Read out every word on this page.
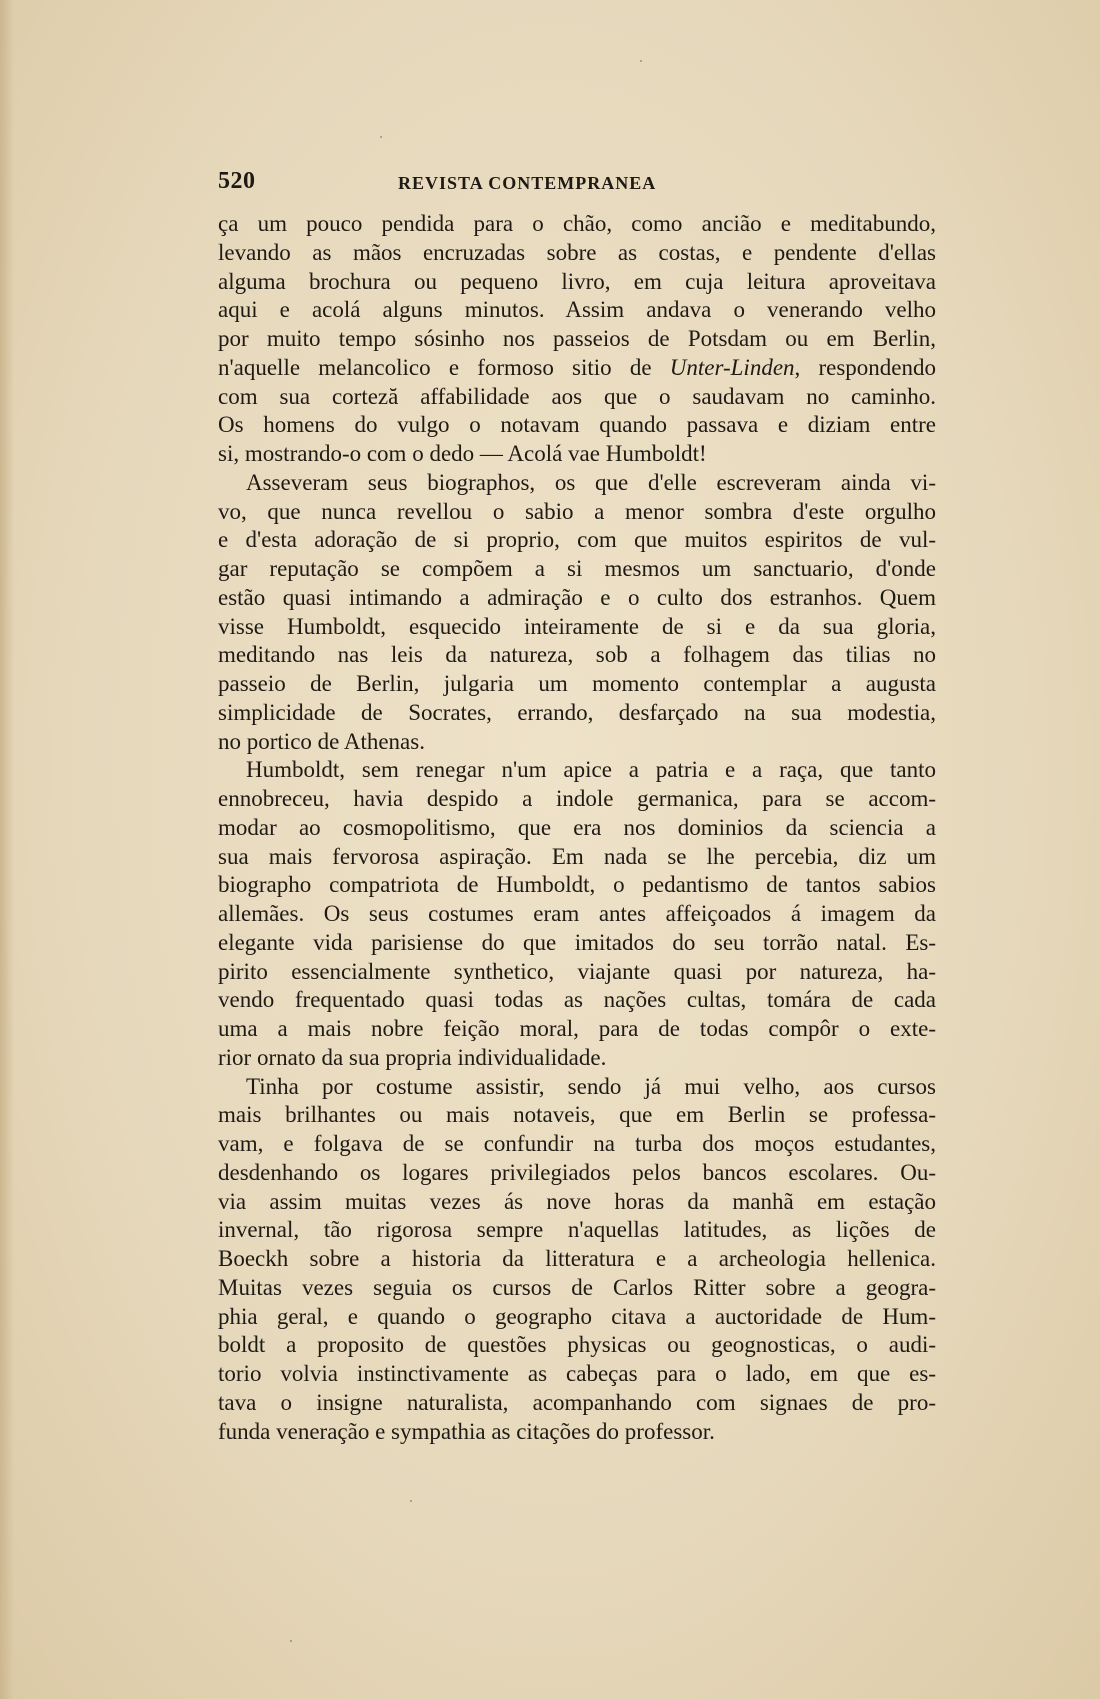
520	REVISTA CONTEMPRANEA
ça um pouco pendida para o chão, como ancião e meditabundo,
levando as mãos encruzadas sobre as costas, e pendente d'ellas
alguma brochura ou pequeno livro, em cuja leitura aproveitava
aqui e acolá alguns minutos. Assim andava o venerando velho
por muito tempo sósinho nos passeios de Potsdam ou em Berlin,
n'aquelle melancolico e formoso sitio de Unter-Linden, respondendo
com sua corteză affabilidade aos que o saudavam no caminho.
Os homens do vulgo o notavam quando passava e diziam entre
si, mostrando-o com o dedo — Acolá vae Humboldt!
Asseveram seus biographos, os que d'elle escreveram ainda vi-
vo, que nunca revellou o sabio a menor sombra d'este orgulho
e d'esta adoração de si proprio, com que muitos espiritos de vul-
gar reputação se compõem a si mesmos um sanctuario, d'onde
estão quasi intimando a admiração e o culto dos estranhos. Quem
visse Humboldt, esquecido inteiramente de si e da sua gloria,
meditando nas leis da natureza, sob a folhagem das tilias no
passeio de Berlin, julgaria um momento contemplar a augusta
simplicidade de Socrates, errando, desfarçado na sua modestia,
no portico de Athenas.
Humboldt, sem renegar n'um apice a patria e a raça, que tanto
ennobreceu, havia despido a indole germanica, para se accom-
modar ao cosmopolitismo, que era nos dominios da sciencia a
sua mais fervorosa aspiração. Em nada se lhe percebia, diz um
biographo compatriota de Humboldt, o pedantismo de tantos sabios
allemães. Os seus costumes eram antes affeiçoados á imagem da
elegante vida parisiense do que imitados do seu torrão natal. Es-
pirito essencialmente synthetico, viajante quasi por natureza, ha-
vendo frequentado quasi todas as nações cultas, tomára de cada
uma a mais nobre feição moral, para de todas compôr o exte-
rior ornato da sua propria individualidade.
Tinha por costume assistir, sendo já mui velho, aos cursos
mais brilhantes ou mais notaveis, que em Berlin se professa-
vam, e folgava de se confundir na turba dos moços estudantes,
desdenhando os logares privilegiados pelos bancos escolares. Ou-
via assim muitas vezes ás nove horas da manhã em estação
invernal, tão rigorosa sempre n'aquellas latitudes, as lições de
Boeckh sobre a historia da litteratura e a archeologia hellenica.
Muitas vezes seguia os cursos de Carlos Ritter sobre a geogra-
phia geral, e quando o geographo citava a auctoridade de Hum-
boldt a proposito de questões physicas ou geognosticas, o audi-
torio volvia instinctivamente as cabeças para o lado, em que es-
tava o insigne naturalista, acompanhando com signaes de pro-
funda veneração e sympathia as citações do professor.
